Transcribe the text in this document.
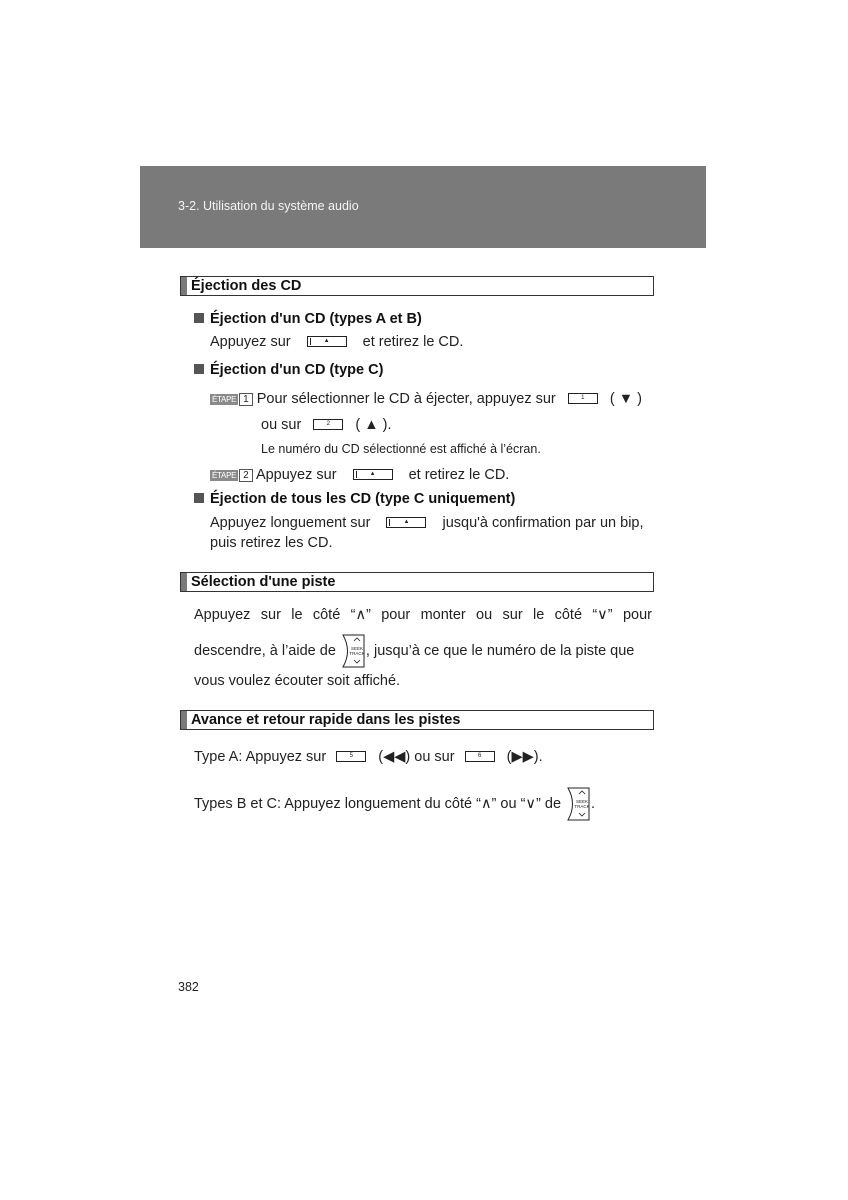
3-2. Utilisation du système audio
Éjection des CD
Éjection d'un CD (types A et B)
Appuyez sur	▲	et retirez le CD.
Éjection d'un CD (type C)
ÉTAPE 1 Pour sélectionner le CD à éjecter, appuyez sur	1	( ▼ )
ou sur	2	( ▲ ).
Le numéro du CD sélectionné est affiché à l’écran.
ÉTAPE 2 Appuyez sur	▲	et retirez le CD.
Éjection de tous les CD (type C uniquement)
Appuyez longuement sur	▲	jusqu'à confirmation par un bip,
puis retirez les CD.
Sélection d'une piste
Appuyez sur le côté “∧” pour monter ou sur le côté “∨” pour
descendre, à l’aide de	SEEK
TRACK , jusqu’à ce que le numéro de la piste que
vous voulez écouter soit affiché.
Avance et retour rapide dans les pistes
Type A: Appuyez sur	5	(◀◀) ou sur	6	(▶▶).
Types B et C: Appuyez longuement du côté “∧” ou “∨” de	SEEK
TRACK .
382
